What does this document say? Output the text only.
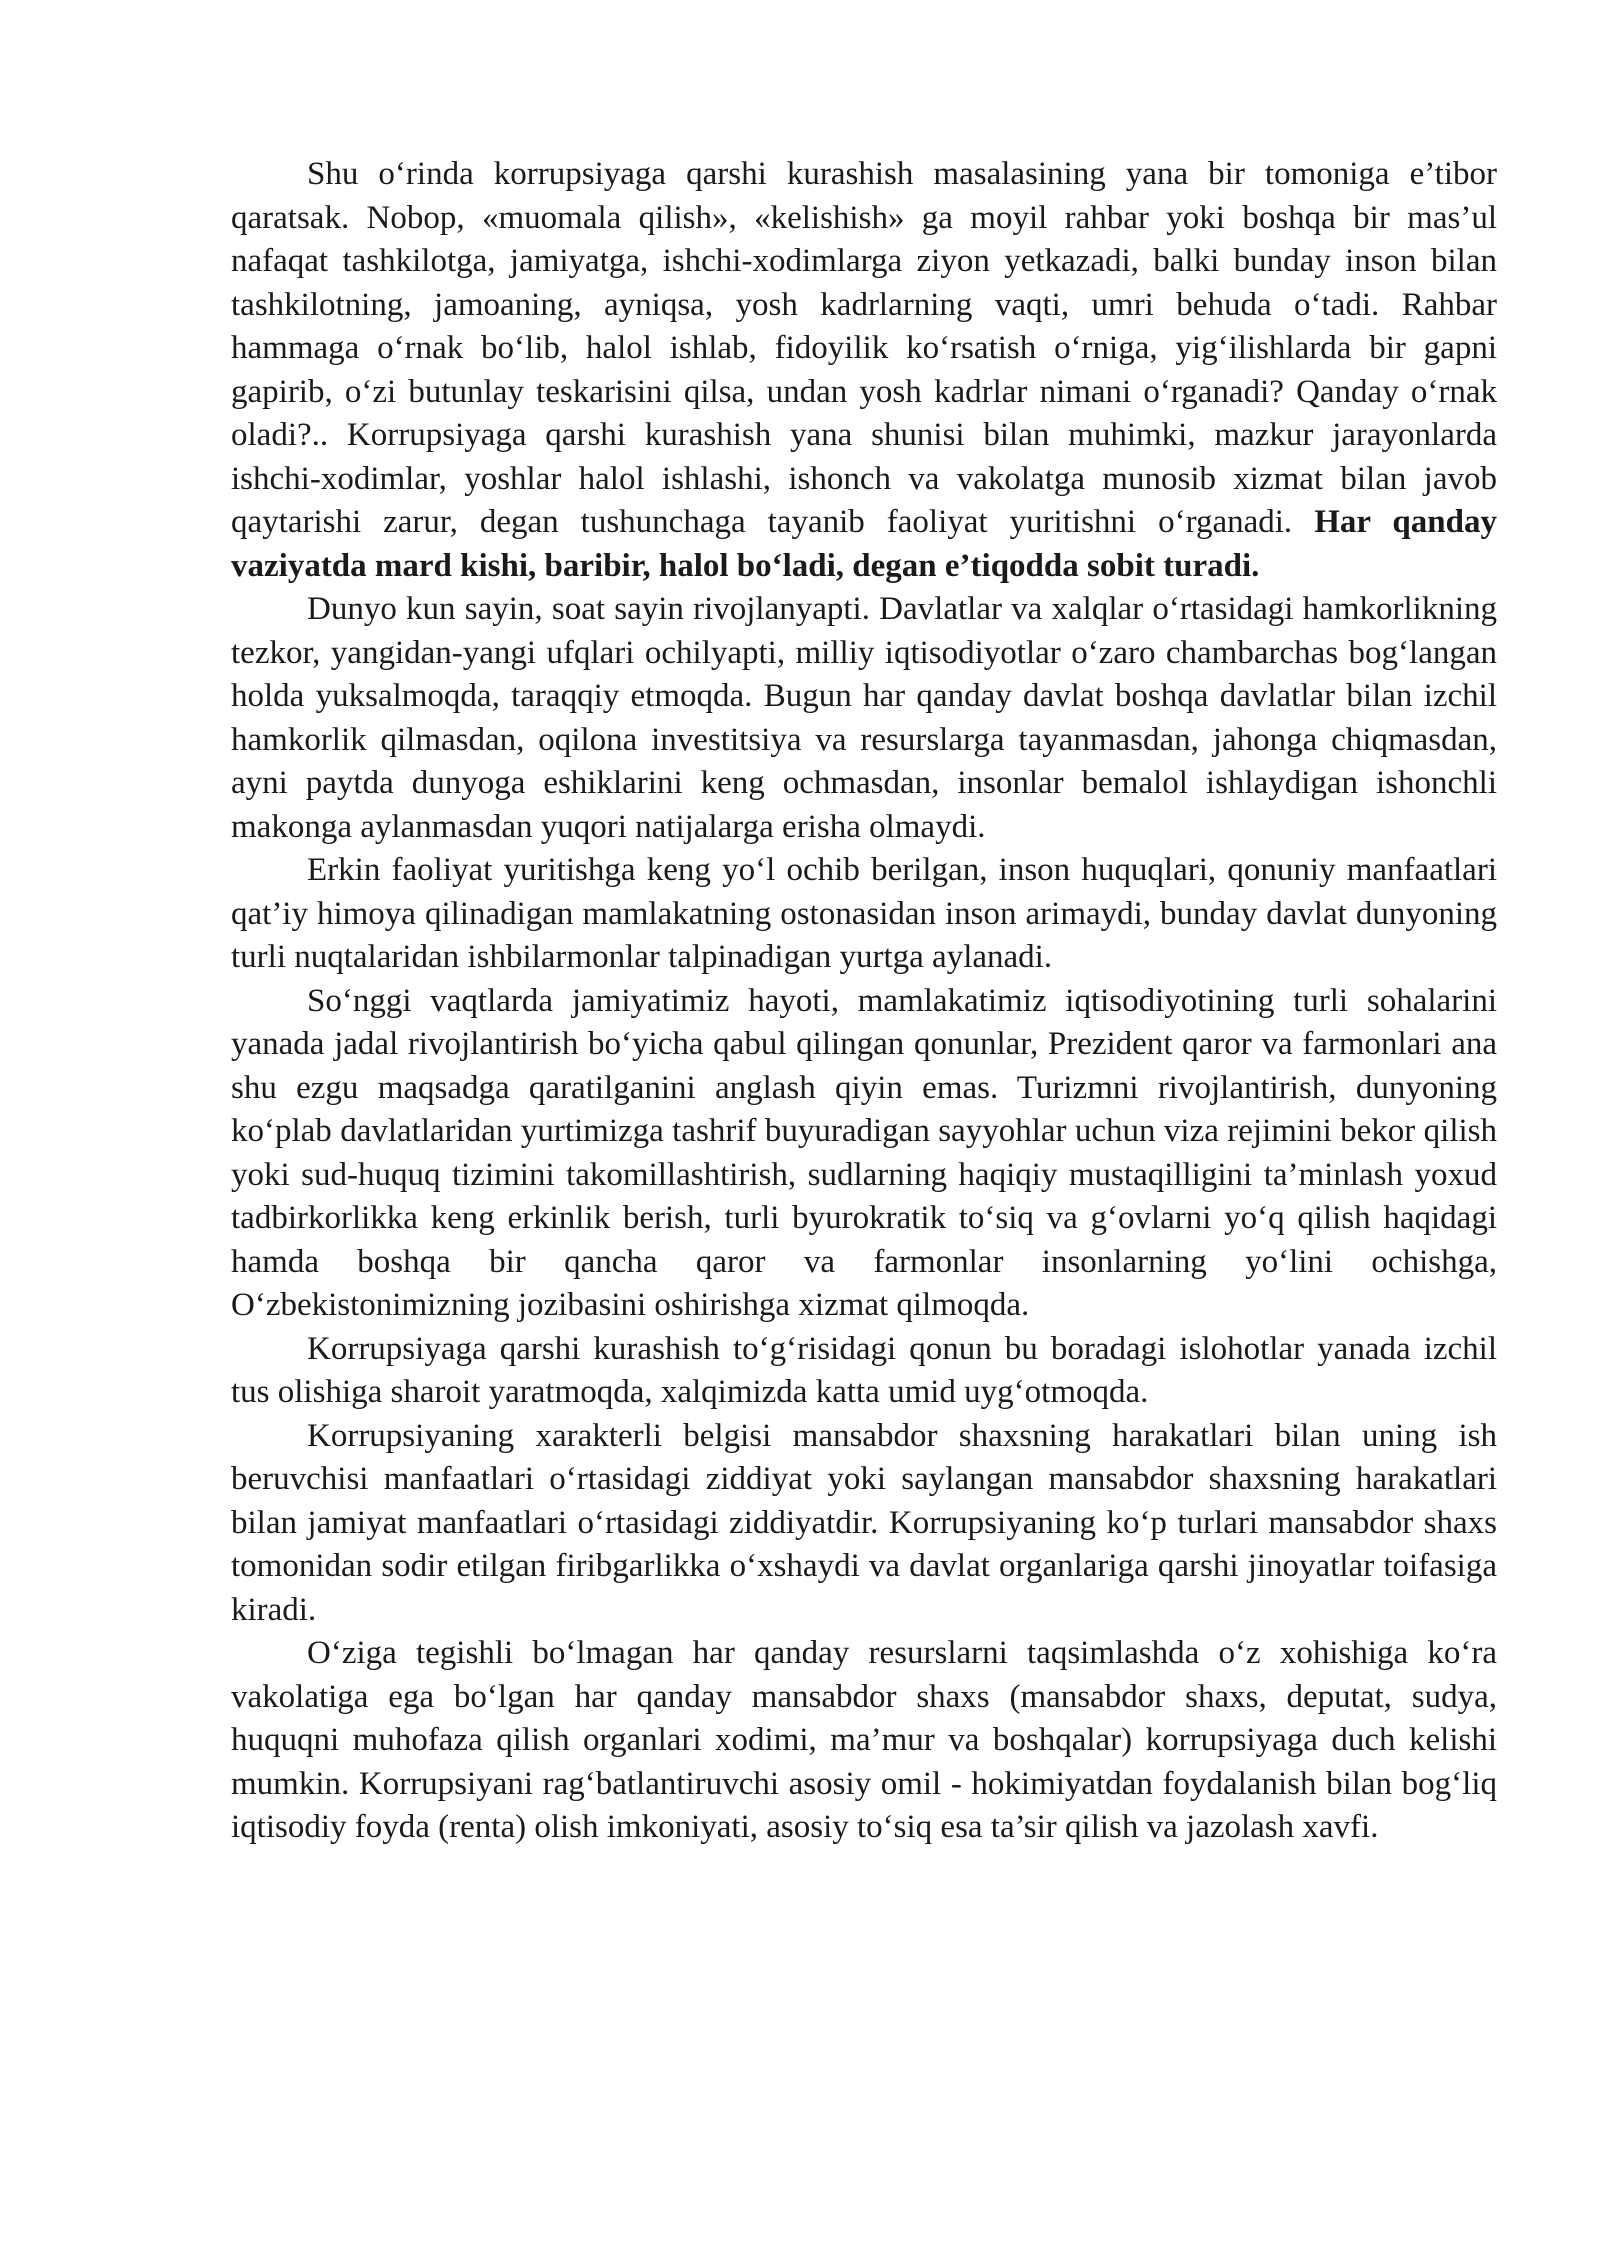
Shu o‘rinda korrupsiyaga qarshi kurashish masalasining yana bir tomoniga e’tibor qaratsak. Nobop, «muomala qilish», «kelishish» ga moyil rahbar yoki boshqa bir mas’ul nafaqat tashkilotga, jamiyatga, ishchi-xodimlarga ziyon yetkazadi, balki bunday inson bilan tashkilotning, jamoaning, ayniqsa, yosh kadrlarning vaqti, umri behuda o‘tadi. Rahbar hammaga o‘rnak bo‘lib, halol ishlab, fidoyilik ko‘rsatish o‘rniga, yig‘ilishlarda bir gapni gapirib, o‘zi butunlay teskarisini qilsa, undan yosh kadrlar nimani o‘rganadi? Qanday o‘rnak oladi?.. Korrupsiyaga qarshi kurashish yana shunisi bilan muhimki, mazkur jarayonlarda ishchi-xodimlar, yoshlar halol ishlashi, ishonch va vakolatga munosib xizmat bilan javob qaytarishi zarur, degan tushunchaga tayanib faoliyat yuritishni o‘rganadi. Har qanday vaziyatda mard kishi, baribir, halol bo‘ladi, degan e’tiqodda sobit turadi.

Dunyo kun sayin, soat sayin rivojlanyapti. Davlatlar va xalqlar o‘rtasidagi hamkorlikning tezkor, yangidan-yangi ufqlari ochilyapti, milliy iqtisodiyotlar o‘zaro chambarchas bog‘langan holda yuksalmoqda, taraqqiy etmoqda. Bugun har qanday davlat boshqa davlatlar bilan izchil hamkorlik qilmasdan, oqilona investitsiya va resurslarga tayanmasdan, jahonga chiqmasdan, ayni paytda dunyoga eshiklarini keng ochmasdan, insonlar bemalol ishlaydigan ishonchli makonga aylanmasdan yuqori natijalarga erisha olmaydi.

Erkin faoliyat yuritishga keng yo‘l ochib berilgan, inson huquqlari, qonuniy manfaatlari qat’iy himoya qilinadigan mamlakatning ostonasidan inson arimaydi, bunday davlat dunyoning turli nuqtalaridan ishbilarmonlar talpinadigan yurtga aylanadi.

So‘nggi vaqtlarda jamiyatimiz hayoti, mamlakatimiz iqtisodiyotining turli sohalarini yanada jadal rivojlantirish bo‘yicha qabul qilingan qonunlar, Prezident qaror va farmonlari ana shu ezgu maqsadga qaratilganini anglash qiyin emas. Turizmni rivojlantirish, dunyoning ko‘plab davlatlaridan yurtimizga tashrif buyuradigan sayyohlar uchun viza rejimini bekor qilish yoki sud-huquq tizimini takomillashtirish, sudlarning haqiqiy mustaqilligini ta’minlash yoxud tadbirkorlikka keng erkinlik berish, turli byurokratik to‘siq va g‘ovlarni yo‘q qilish haqidagi hamda boshqa bir qancha qaror va farmonlar insonlarning yo‘lini ochishga, O‘zbekistonimizning jozibasini oshirishga xizmat qilmoqda.

Korrupsiyaga qarshi kurashish to‘g‘risidagi qonun bu boradagi islohotlar yanada izchil tus olishiga sharoit yaratmoqda, xalqimizda katta umid uyg‘otmoqda.

Korrupsiyaning xarakterli belgisi mansabdor shaxsning harakatlari bilan uning ish beruvchisi manfaatlari o‘rtasidagi ziddiyat yoki saylangan mansabdor shaxsning harakatlari bilan jamiyat manfaatlari o‘rtasidagi ziddiyatdir. Korrupsiyaning ko‘p turlari mansabdor shaxs tomonidan sodir etilgan firibgarlikka o‘xshaydi va davlat organlariga qarshi jinoyatlar toifasiga kiradi.

O‘ziga tegishli bo‘lmagan har qanday resurslarni taqsimlashda o‘z xohishiga ko‘ra vakolatiga ega bo‘lgan har qanday mansabdor shaxs (mansabdor shaxs, deputat, sudya, huquqni muhofaza qilish organlari xodimi, ma’mur va boshqalar) korrupsiyaga duch kelishi mumkin. Korrupsiyani rag‘batlantiruvchi asosiy omil - hokimiyatdan foydalanish bilan bog‘liq iqtisodiy foyda (renta) olish imkoniyati, asosiy to‘siq esa ta’sir qilish va jazolash xavfi.
